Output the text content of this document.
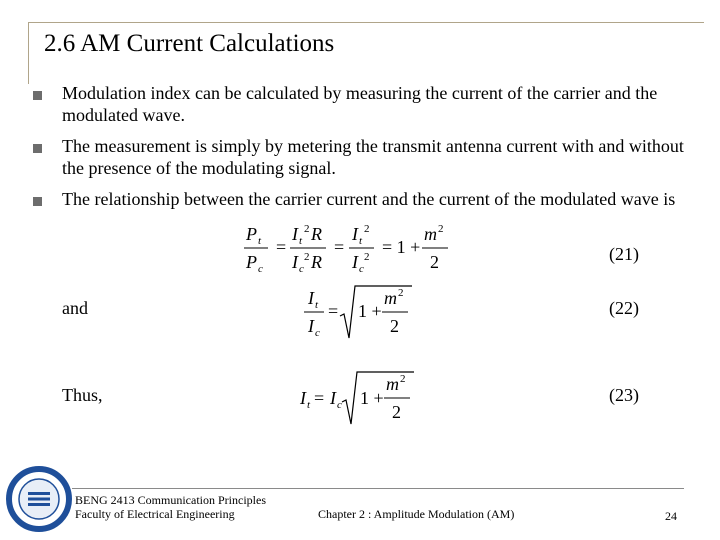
2.6 AM Current Calculations
Modulation index can be calculated by measuring the current of the carrier and the modulated wave.
The measurement is simply by metering the transmit antenna current with and without the presence of the modulating signal.
The relationship between the carrier current and the current of the modulated wave is
P t
P c
=
I t
2 R
I c
2 R
=
I t
2
I c
2 = 1 +
m 2
2	(21)
and	I t
I c
= 1 +
m 2
2
(22)
Thus,	I t = I c 1 +
m 2
2
(23)
BENG 2413 Communication Principles
Faculty of Electrical Engineering	Chapter 2 : Amplitude Modulation (AM)	24
